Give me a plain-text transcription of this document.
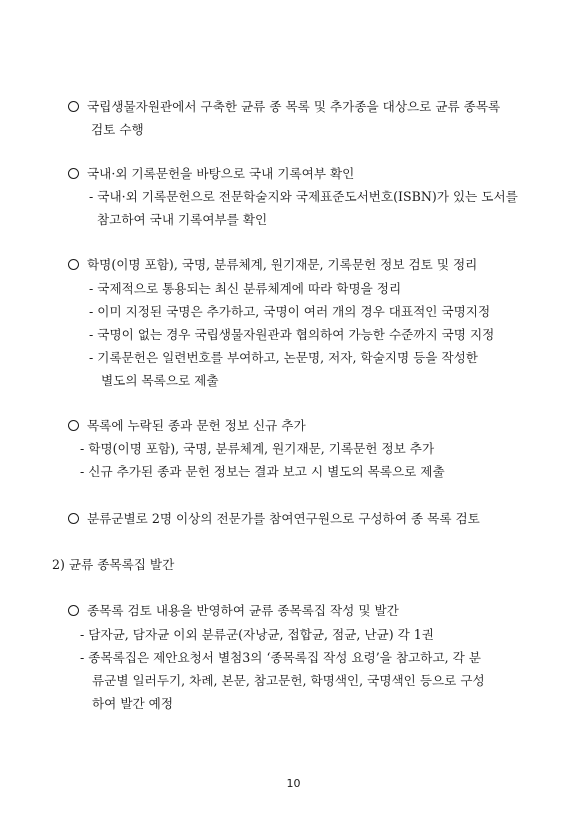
국립생물자원관에서 구축한 균류 종 목록 및 추가종을 대상으로 균류 종목록
검토 수행
국내·외 기록문헌을 바탕으로 국내 기록여부 확인
- 국내·외 기록문헌으로 전문학술지와 국제표준도서번호(ISBN)가 있는 도서를
참고하여 국내 기록여부를 확인
학명(이명 포함), 국명, 분류체계, 원기재문, 기록문헌 정보 검토 및 정리
- 국제적으로 통용되는 최신 분류체계에 따라 학명을 정리
- 이미 지정된 국명은 추가하고, 국명이 여러 개의 경우 대표적인 국명지정
- 국명이 없는 경우 국립생물자원관과 협의하여 가능한 수준까지 국명 지정
- 기록문헌은 일련번호를 부여하고, 논문명, 저자, 학술지명 등을 작성한
별도의 목록으로 제출
목록에 누락된 종과 문헌 정보 신규 추가
- 학명(이명 포함), 국명, 분류체계, 원기재문, 기록문헌 정보 추가
- 신규 추가된 종과 문헌 정보는 결과 보고 시 별도의 목록으로 제출
분류군별로 2명 이상의 전문가를 참여연구원으로 구성하여 종 목록 검토
2) 균류 종목록집 발간
종목록 검토 내용을 반영하여 균류 종목록집 작성 및 발간
- 담자균, 담자균 이외 분류군(자낭균, 접합균, 점균, 난균) 각 1권
- 종목록집은 제안요청서 별첨3의 ‘종목록집 작성 요령’을 참고하고, 각 분
류군별 일러두기, 차례, 본문, 참고문헌, 학명색인, 국명색인 등으로 구성
하여 발간 예정
10
